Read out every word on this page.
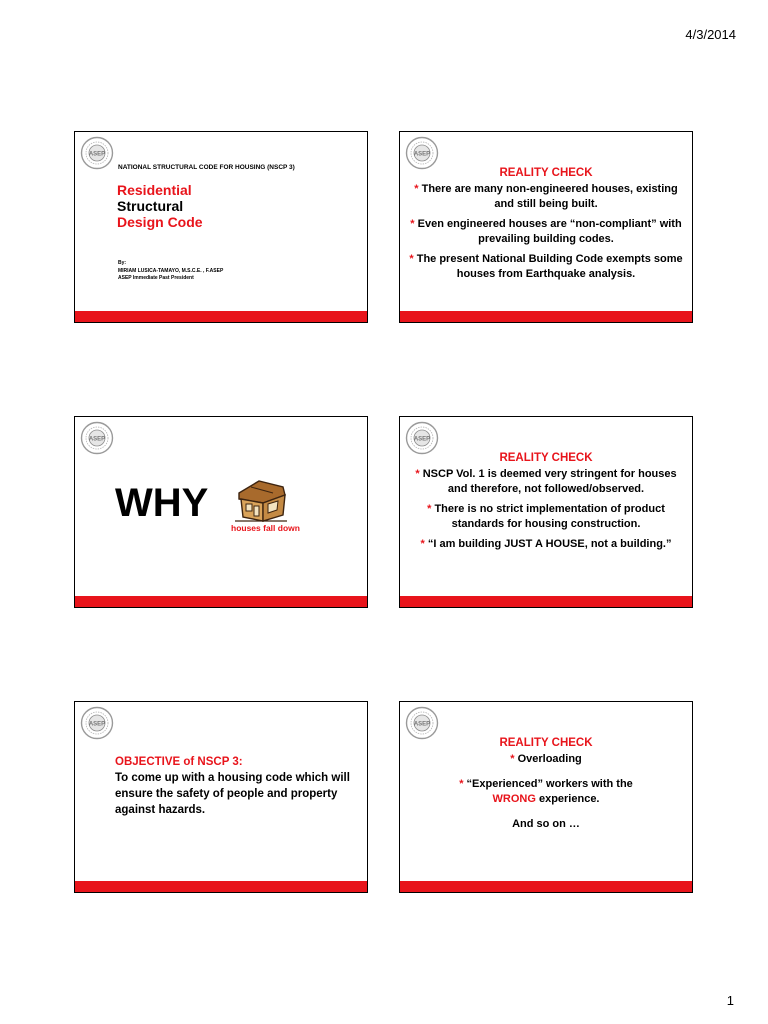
4/3/2014
ASEP
NATIONAL STRUCTURAL CODE FOR HOUSING (NSCP 3)
Residential
Structural
Design Code
By:
MIRIAM LUSICA-TAMAYO, M.S.C.E. , F.ASEP
ASEP Immediate Past President
ASEP
REALITY CHECK

* There are many non-engineered houses, existing and still being built.

* Even engineered houses are “non-compliant” with prevailing building codes.

* The present National Building Code exempts some houses from Earthquake analysis.

ASEP
WHY
houses fall down
ASEP
REALITY CHECK

* NSCP Vol. 1 is deemed very stringent for houses and therefore, not followed/observed.

* There is no strict implementation of product standards for housing construction.

* “I am building JUST A HOUSE, not a building.”

ASEP
OBJECTIVE of NSCP 3:
To come up with a housing code which will ensure the safety of people and property against hazards.
ASEP
REALITY CHECK

* Overloading

* “Experienced” workers with the WRONG experience.

And so on …

1
